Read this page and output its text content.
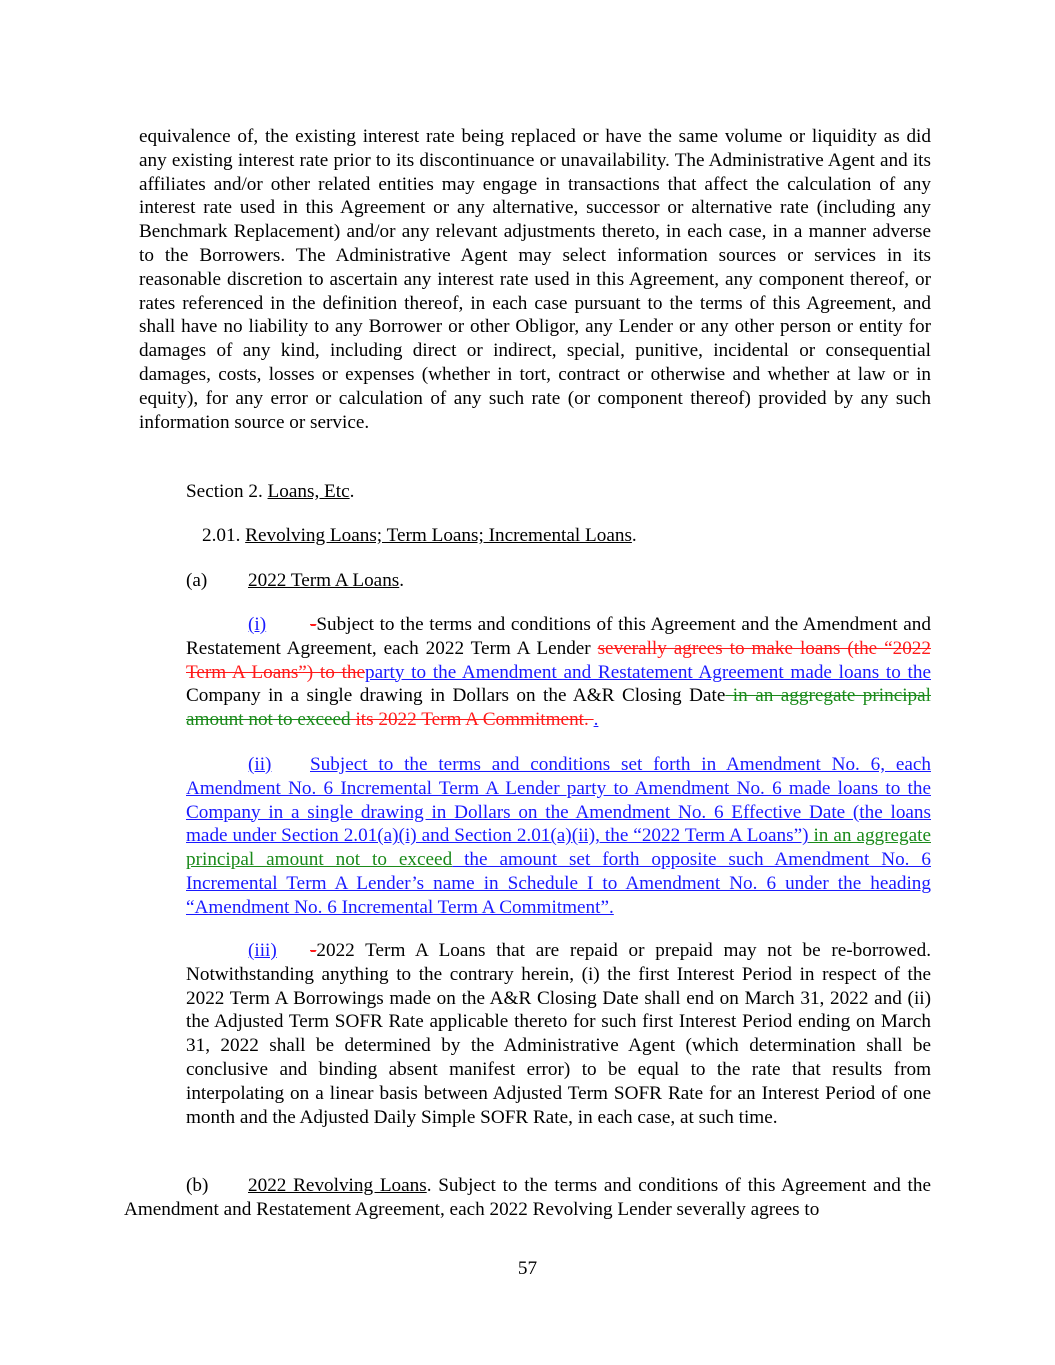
equivalence of, the existing interest rate being replaced or have the same volume or liquidity as did any existing interest rate prior to its discontinuance or unavailability. The Administrative Agent and its affiliates and/or other related entities may engage in transactions that affect the calculation of any interest rate used in this Agreement or any alternative, successor or alternative rate (including any Benchmark Replacement) and/or any relevant adjustments thereto, in each case, in a manner adverse to the Borrowers. The Administrative Agent may select information sources or services in its reasonable discretion to ascertain any interest rate used in this Agreement, any component thereof, or rates referenced in the definition thereof, in each case pursuant to the terms of this Agreement, and shall have no liability to any Borrower or other Obligor, any Lender or any other person or entity for damages of any kind, including direct or indirect, special, punitive, incidental or consequential damages, costs, losses or expenses (whether in tort, contract or otherwise and whether at law or in equity), for any error or calculation of any such rate (or component thereof) provided by any such information source or service.

Section 2. Loans, Etc.

2.01. Revolving Loans; Term Loans; Incremental Loans.

(a) 2022 Term A Loans.

(i) -Subject to the terms and conditions of this Agreement and the Amendment and Restatement Agreement, each 2022 Term A Lender severally agrees to make loans (the “2022 Term A Loans”) to theparty to the Amendment and Restatement Agreement made loans to the Company in a single drawing in Dollars on the A&R Closing Date in an aggregate principal amount not to exceed its 2022 Term A Commitment. .

(ii) Subject to the terms and conditions set forth in Amendment No. 6, each Amendment No. 6 Incremental Term A Lender party to Amendment No. 6 made loans to the Company in a single drawing in Dollars on the Amendment No. 6 Effective Date (the loans made under Section 2.01(a)(i) and Section 2.01(a)(ii), the “2022 Term A Loans”) in an aggregate principal amount not to exceed the amount set forth opposite such Amendment No. 6 Incremental Term A Lender’s name in Schedule I to Amendment No. 6 under the heading “Amendment No. 6 Incremental Term A Commitment”.

(iii) -2022 Term A Loans that are repaid or prepaid may not be re-borrowed. Notwithstanding anything to the contrary herein, (i) the first Interest Period in respect of the 2022 Term A Borrowings made on the A&R Closing Date shall end on March 31, 2022 and (ii) the Adjusted Term SOFR Rate applicable thereto for such first Interest Period ending on March 31, 2022 shall be determined by the Administrative Agent (which determination shall be conclusive and binding absent manifest error) to be equal to the rate that results from interpolating on a linear basis between Adjusted Term SOFR Rate for an Interest Period of one month and the Adjusted Daily Simple SOFR Rate, in each case, at such time.

(b) 2022 Revolving Loans. Subject to the terms and conditions of this Agreement and the Amendment and Restatement Agreement, each 2022 Revolving Lender severally agrees to

57
